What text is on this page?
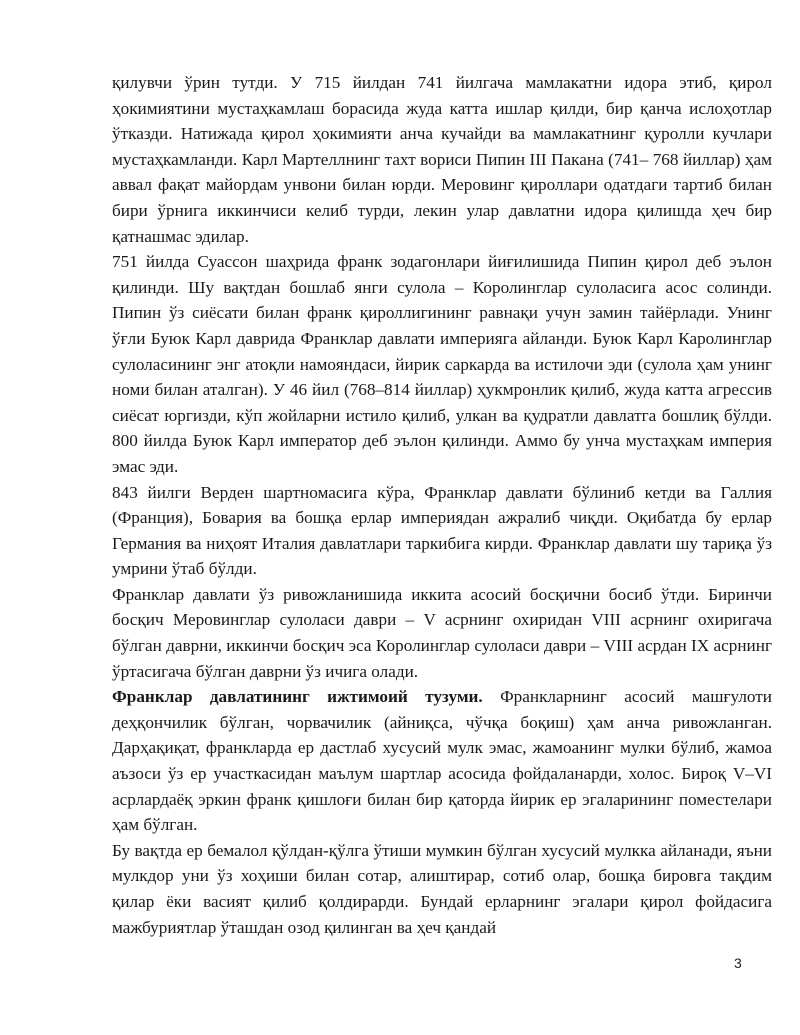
қилувчи ўрин тутди. У 715 йилдан 741 йилгача мамлакатни идора этиб, қирол ҳокимиятини мустаҳкамлаш борасида жуда катта ишлар қилди, бир қанча ислоҳотлар ўтказди. Натижада қирол ҳокимияти анча кучайди ва мамлакатнинг қуролли кучлари мустаҳкамланди. Карл Мартеллнинг тахт вориси Пипин III Пакана (741– 768 йиллар) ҳам аввал фақат майордам унвони билан юрди. Меровинг қироллари одатдаги тартиб билан бири ўрнига иккинчиси келиб турди, лекин улар давлатни идора қилишда ҳеч бир қатнашмас эдилар.

751 йилда Суассон шаҳрида франк зодагонлари йиғилишида Пипин қирол деб эълон қилинди. Шу вақтдан бошлаб янги сулола – Королинглар сулоласига асос солинди. Пипин ўз сиёсати билан франк қироллигининг равнақи учун замин тайёрлади. Унинг ўғли Буюк Карл даврида Франклар давлати империяга айланди. Буюк Карл Каролинглар сулоласининг энг атоқли намояндаси, йирик саркарда ва истилочи эди (сулола ҳам унинг номи билан аталган). У 46 йил (768–814 йиллар) ҳукмронлик қилиб, жуда катта агрессив сиёсат юргизди, кўп жойларни истило қилиб, улкан ва қудратли давлатга бошлиқ бўлди. 800 йилда Буюк Карл император деб эълон қилинди. Аммо бу унча мустаҳкам империя эмас эди.

843 йилги Верден шартномасига кўра, Франклар давлати бўлиниб кетди ва Галлия (Франция), Бовария ва бошқа ерлар империядан ажралиб чиқди. Оқибатда бу ерлар Германия ва ниҳоят Италия давлатлари таркибига кирди. Франклар давлати шу тариқа ўз умрини ўтаб бўлди.

Франклар давлати ўз ривожланишида иккита асосий босқични босиб ўтди. Биринчи босқич Меровинглар сулоласи даври – V асрнинг охиридан VIII асрнинг охиригача бўлган даврни, иккинчи босқич эса Королинглар сулоласи даври – VIII асрдан IX асрнинг ўртасигача бўлган даврни ўз ичига олади.

Франклар давлатининг ижтимоий тузуми. Франкларнинг асосий машғулоти деҳқончилик бўлган, чорвачилик (айниқса, чўчқа боқиш) ҳам анча ривожланган. Дарҳақиқат, франкларда ер дастлаб хусусий мулк эмас, жамоанинг мулки бўлиб, жамоа аъзоси ўз ер участкасидан маълум шартлар асосида фойдаланарди, холос. Бироқ V–VI асрлардаёқ эркин франк қишлоғи билан бир қаторда йирик ер эгаларининг поместелари ҳам бўлган.

Бу вақтда ер бемалол қўлдан-қўлга ўтиши мумкин бўлган хусусий мулкка айланади, яъни мулкдор уни ўз хоҳиши билан сотар, алиштирар, сотиб олар, бошқа бировга тақдим қилар ёки васият қилиб қолдирарди. Бундай ерларнинг эгалари қирол фойдасига мажбуриятлар ўташдан озод қилинган ва ҳеч қандай

3
